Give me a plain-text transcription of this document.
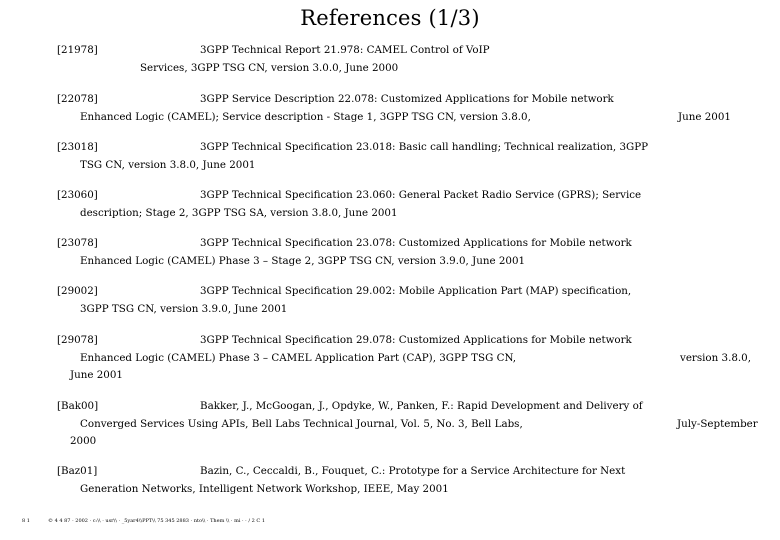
References (1/3)
[21978]	3GPP Technical Report 21.978: CAMEL Control of VoIP
Services, 3GPP TSG CN, version 3.0.0, June 2000
[22078]	3GPP Service Description 22.078: Customized Applications for Mobile network
Enhanced Logic (CAMEL); Service description - Stage 1, 3GPP TSG CN, version 3.8.0,	June 2001
[23018]	3GPP Technical Specification 23.018: Basic call handling; Technical realization, 3GPP
TSG CN, version 3.8.0, June 2001
[23060]	3GPP Technical Specification 23.060: General Packet Radio Service (GPRS); Service
description; Stage 2, 3GPP TSG SA, version 3.8.0, June 2001
[23078]	3GPP Technical Specification 23.078: Customized Applications for Mobile network
Enhanced Logic (CAMEL) Phase 3 – Stage 2, 3GPP TSG CN, version 3.9.0, June 2001
[29002]	3GPP Technical Specification 29.002: Mobile Application Part (MAP) specification,
3GPP TSG CN, version 3.9.0, June 2001
[29078]	3GPP Technical Specification 29.078: Customized Applications for Mobile network
Enhanced Logic (CAMEL) Phase 3 – CAMEL Application Part (CAP), 3GPP TSG CN,	version 3.8.0,
June 2001
[Bak00]	Bakker, J., McGoogan, J., Opdyke, W., Panken, F.: Rapid Development and Delivery of
Converged Services Using APIs, Bell Labs Technical Journal, Vol. 5, No. 3, Bell Labs,	July-September
2000
[Baz01]	Bazin, C., Ceccaldi, B., Fouquet, C.: Prototype for a Service Architecture for Next
Generation Networks, Intelligent Network Workshop, IEEE, May 2001
8 1	© 4 4 87 · 2002 · c:\\ · usr\\ · _5yar4\\PPT\\ 75 345 2883 · nto\\ · Them \\ · mi · · / 2 C 1
